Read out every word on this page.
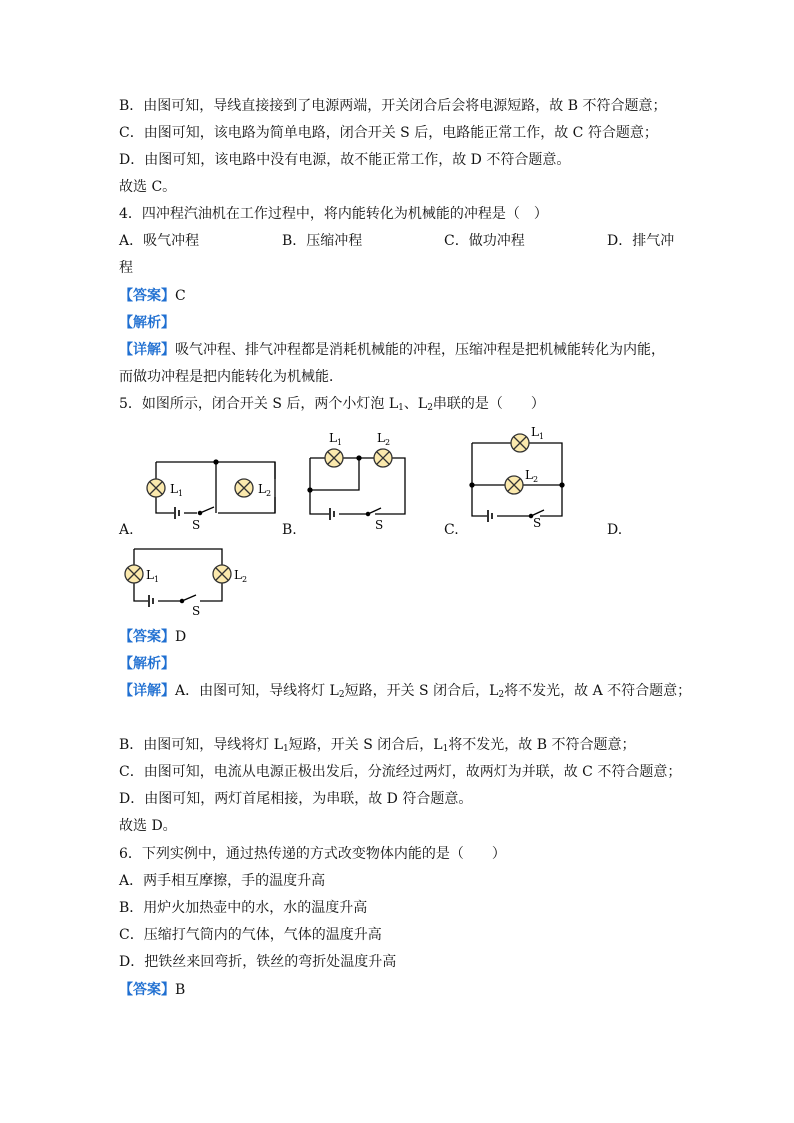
B．由图可知，导线直接接到了电源两端，开关闭合后会将电源短路，故 B 不符合题意；
C．由图可知，该电路为简单电路，闭合开关 S 后，电路能正常工作，故 C 符合题意；
D．由图可知，该电路中没有电源，故不能正常工作，故 D 不符合题意。
故选 C。
4．四冲程汽油机在工作过程中，将内能转化为机械能的冲程是（　）
A．吸气冲程	B．压缩冲程	C．做功冲程	D．排气冲
程
【答案】C
【解析】
【详解】吸气冲程、排气冲程都是消耗机械能的冲程，压缩冲程是把机械能转化为内能，
而做功冲程是把内能转化为机械能．
5．如图所示，闭合开关 S 后，两个小灯泡 $L_1$、$L_2$串联的是（　　）
$L_1$	$L_2$
S
A.
$L_1$	$L_2$
S
B.
$L_1$
$L_2$
S
C.	D.
$L_1$	$L_2$
S
【答案】D
【解析】
【详解】A．由图可知，导线将灯 $L_2$短路，开关 S 闭合后，$L_2$将不发光，故 A 不符合题意；
B．由图可知，导线将灯 $L_1$短路，开关 S 闭合后，$L_1$将不发光，故 B 不符合题意；
C．由图可知，电流从电源正极出发后，分流经过两灯，故两灯为并联，故 C 不符合题意；
D．由图可知，两灯首尾相接，为串联，故 D 符合题意。
故选 D。
6．下列实例中，通过热传递的方式改变物体内能的是（　　）
A．两手相互摩擦，手的温度升高
B．用炉火加热壶中的水，水的温度升高
C．压缩打气筒内的气体，气体的温度升高
D．把铁丝来回弯折，铁丝的弯折处温度升高
【答案】B
